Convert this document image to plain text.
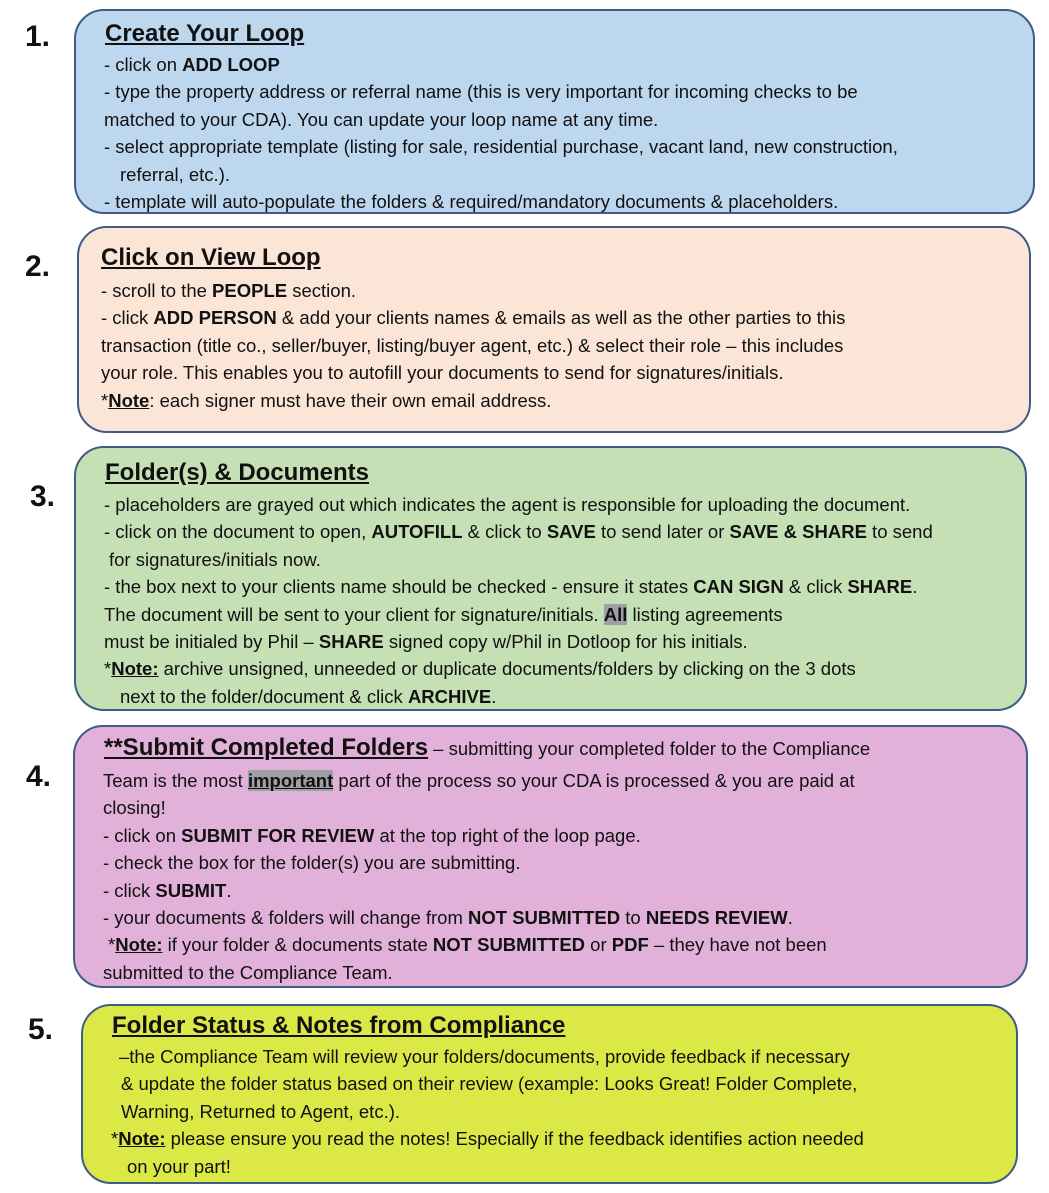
1.
2.
3.
4.
5.
Create Your Loop
- click on ADD LOOP
- type the property address or referral name (this is very important for incoming checks to be
matched to your CDA). You can update your loop name at any time.
- select appropriate template (listing for sale, residential purchase, vacant land, new construction,
referral, etc.).
- template will auto-populate the folders & required/mandatory documents & placeholders.
Click on View Loop
- scroll to the PEOPLE section.
- click ADD PERSON & add your clients names & emails as well as the other parties to this
transaction (title co., seller/buyer, listing/buyer agent, etc.) & select their role – this includes
your role. This enables you to autofill your documents to send for signatures/initials.
*Note: each signer must have their own email address.
Folder(s) & Documents
- placeholders are grayed out which indicates the agent is responsible for uploading the document.
- click on the document to open, AUTOFILL & click to SAVE to send later or SAVE & SHARE to send
for signatures/initials now.
- the box next to your clients name should be checked - ensure it states CAN SIGN & click SHARE.
The document will be sent to your client for signature/initials. All listing agreements
must be initialed by Phil – SHARE signed copy w/Phil in Dotloop for his initials.
*Note: archive unsigned, unneeded or duplicate documents/folders by clicking on the 3 dots
next to the folder/document & click ARCHIVE.
**Submit Completed Folders – submitting your completed folder to the Compliance
Team is the most important part of the process so your CDA is processed & you are paid at
closing!
- click on SUBMIT FOR REVIEW at the top right of the loop page.
- check the box for the folder(s) you are submitting.
- click SUBMIT.
- your documents & folders will change from NOT SUBMITTED to NEEDS REVIEW.
*Note: if your folder & documents state NOT SUBMITTED or PDF – they have not been
submitted to the Compliance Team.
Folder Status & Notes from Compliance
–the Compliance Team will review your folders/documents, provide feedback if necessary
& update the folder status based on their review (example: Looks Great! Folder Complete,
Warning, Returned to Agent, etc.).
*Note: please ensure you read the notes! Especially if the feedback identifies action needed
on your part!
